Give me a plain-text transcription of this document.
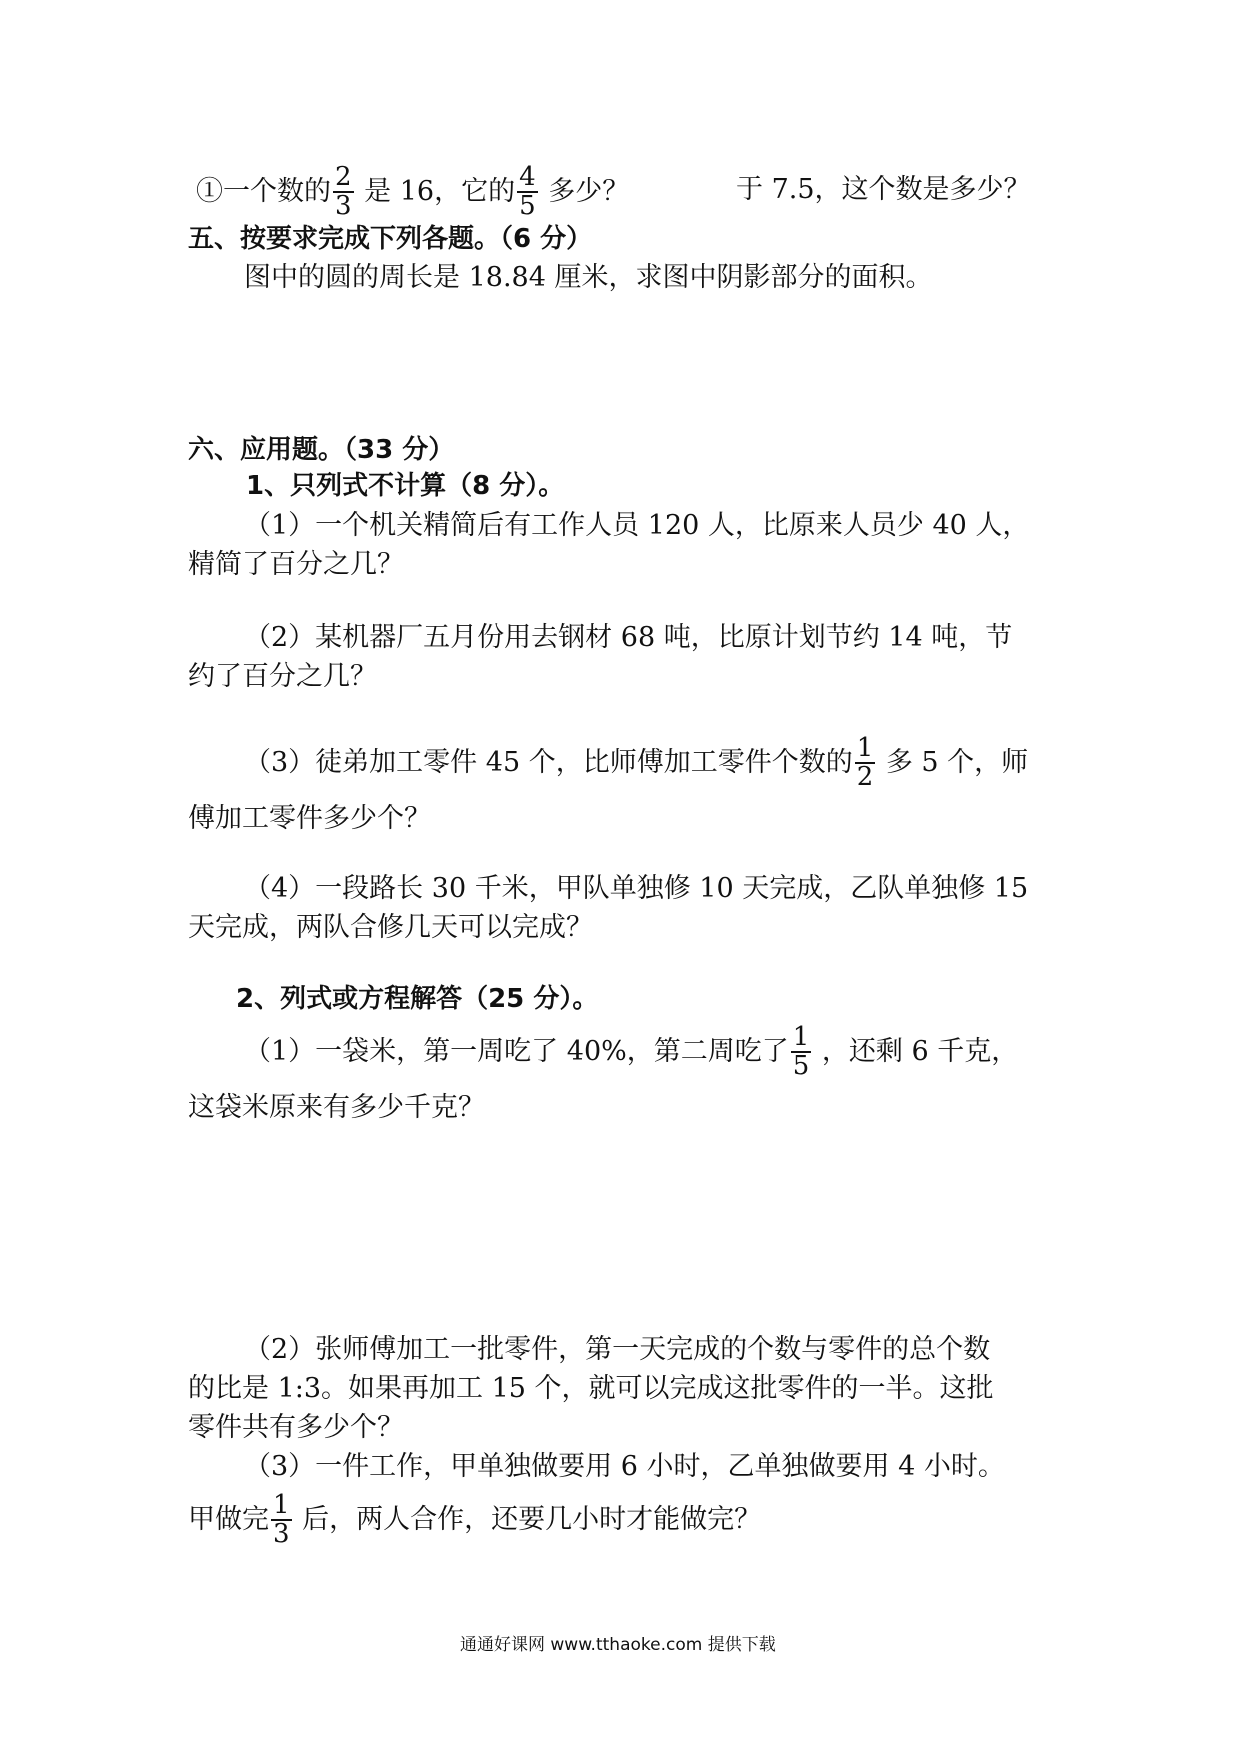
①一个数的 $\frac{2}{3}$ 是 16，它的 $\frac{4}{5}$ 多少？	于 7.5，这个数是多少？
五、按要求完成下列各题。（6 分）
图中的圆的周长是 18.84 厘米，求图中阴影部分的面积。
六、应用题。（33 分）
1、只列式不计算（8 分）。
（1）一个机关精简后有工作人员 120 人，比原来人员少 40 人，
精简了百分之几？
（2）某机器厂五月份用去钢材 68 吨，比原计划节约 14 吨，节
约了百分之几？
（3）徒弟加工零件 45 个，比师傅加工零件个数的 $\frac{1}{2}$ 多 5 个，师
傅加工零件多少个？
（4）一段路长 30 千米，甲队单独修 10 天完成，乙队单独修 15
天完成，两队合修几天可以完成？
2、列式或方程解答（25 分）。
（1）一袋米，第一周吃了 40%，第二周吃了 $\frac{1}{5}$ ，还剩 6 千克，
这袋米原来有多少千克？
（2）张师傅加工一批零件，第一天完成的个数与零件的总个数
的比是 1:3。如果再加工 15 个，就可以完成这批零件的一半。这批
零件共有多少个？
（3）一件工作，甲单独做要用 6 小时，乙单独做要用 4 小时。
甲做完 $\frac{1}{3}$ 后，两人合作，还要几小时才能做完？
通通好课网 www.tthaoke.com 提供下载
